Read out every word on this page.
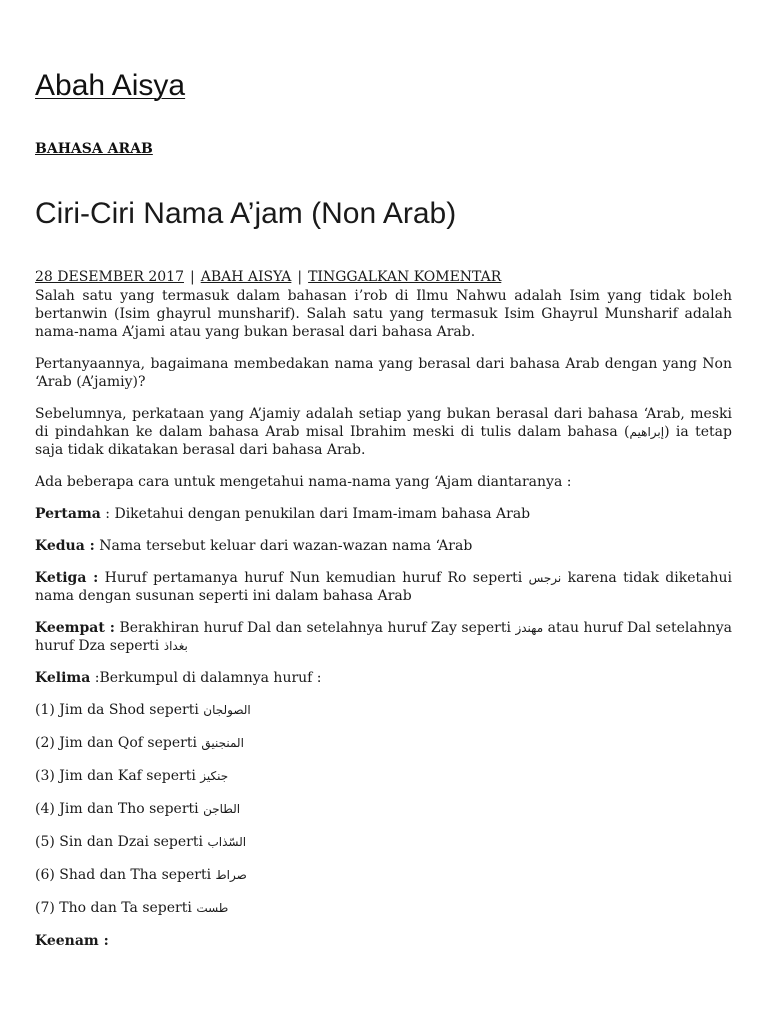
Abah Aisya
BAHASA ARAB
Ciri-Ciri Nama A’jam (Non Arab)
28 DESEMBER 2017 | ABAH AISYA | TINGGALKAN KOMENTAR

Salah satu yang termasuk dalam bahasan i’rob di Ilmu Nahwu adalah Isim yang tidak boleh bertanwin (Isim ghayrul munsharif). Salah satu yang termasuk Isim Ghayrul Munsharif adalah nama-nama A’jami atau yang bukan berasal dari bahasa Arab.

Pertanyaannya, bagaimana membedakan nama yang berasal dari bahasa Arab dengan yang Non ‘Arab (A’jamiy)?

Sebelumnya, perkataan yang A’jamiy adalah setiap yang bukan berasal dari bahasa ‘Arab, meski di pindahkan ke dalam bahasa Arab misal Ibrahim meski di tulis dalam bahasa (إبراهيم) ia tetap saja tidak dikatakan berasal dari bahasa Arab.

Ada beberapa cara untuk mengetahui nama-nama yang ‘Ajam diantaranya :

Pertama : Diketahui dengan penukilan dari Imam-imam bahasa Arab

Kedua : Nama tersebut keluar dari wazan-wazan nama ‘Arab

Ketiga : Huruf pertamanya huruf Nun kemudian huruf Ro seperti نرجس karena tidak diketahui nama dengan susunan seperti ini dalam bahasa Arab

Keempat : Berakhiran huruf Dal dan setelahnya huruf Zay seperti مهندز atau huruf Dal setelahnya huruf Dza seperti بغداذ

Kelima :Berkumpul di dalamnya huruf :

(1) Jim da Shod seperti الصولجان
(2) Jim dan Qof seperti المنجنيق
(3) Jim dan Kaf seperti جنكيز
(4) Jim dan Tho seperti الطاجن
(5) Sin dan Dzai seperti السّذاب
(6) Shad dan Tha seperti صراط
(7) Tho dan Ta seperti طست

Keenam :
